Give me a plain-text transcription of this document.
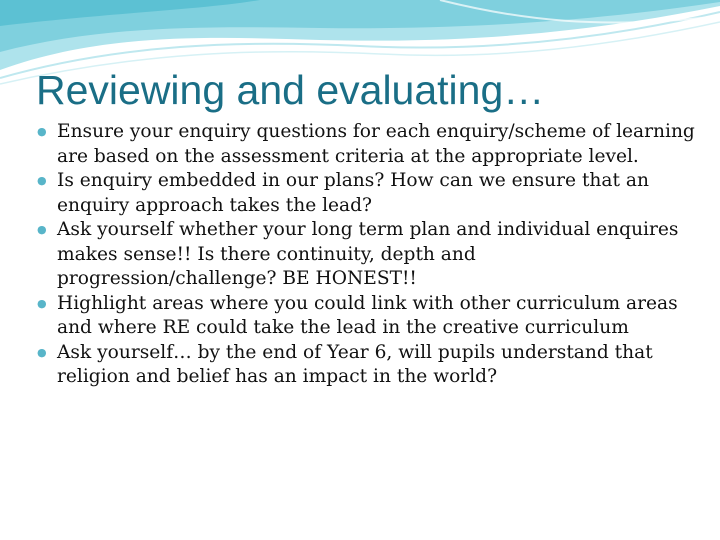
Reviewing and evaluating…
● Ensure your enquiry questions for each enquiry/scheme of learning are based on the assessment criteria at the appropriate level.
● Is enquiry embedded in our plans? How can we ensure that an enquiry approach takes the lead?
● Ask yourself whether your long term plan and individual enquires makes sense!! Is there continuity, depth and progression/challenge? BE HONEST!!
● Highlight areas where you could link with other curriculum areas and where RE could take the lead in the creative curriculum
● Ask yourself… by the end of Year 6, will pupils understand that religion and belief has an impact in the world?
